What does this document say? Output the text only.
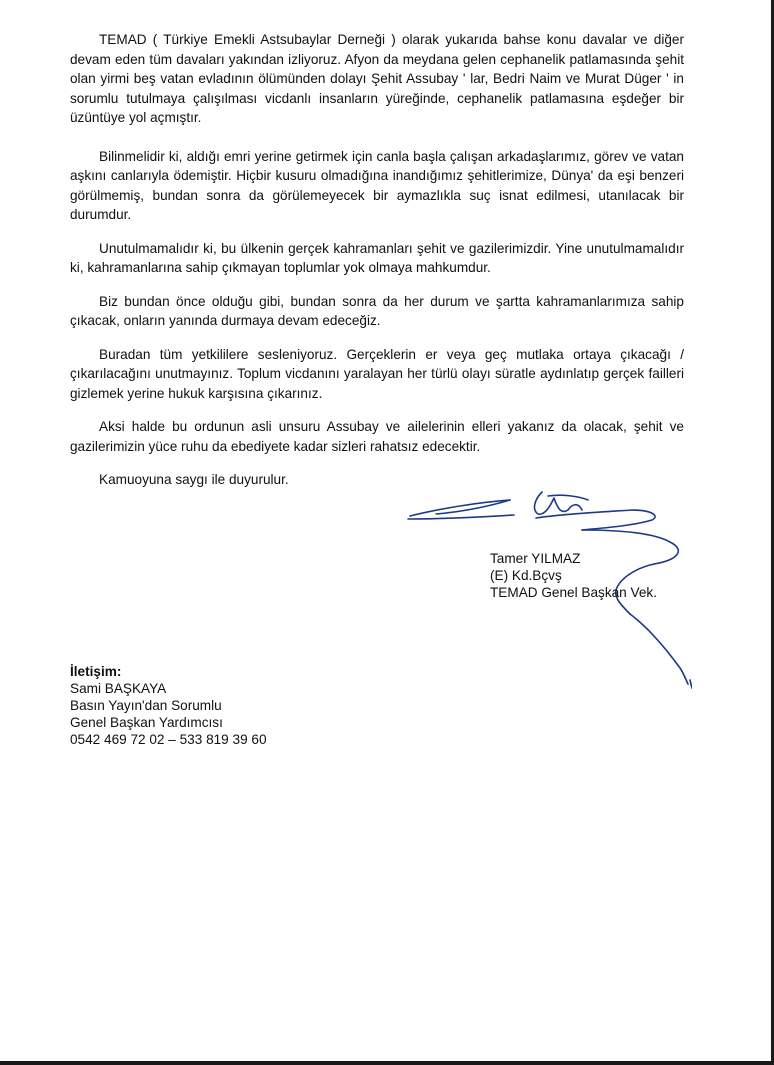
TEMAD ( Türkiye Emekli Astsubaylar Derneği ) olarak yukarıda bahse konu davalar ve diğer devam eden tüm davaları yakından izliyoruz. Afyon da meydana gelen cephanelik patlamasında şehit olan yirmi beş vatan evladının ölümünden dolayı Şehit Assubay ' lar, Bedri Naim ve Murat Düger ' in sorumlu tutulmaya çalışılması vicdanlı insanların yüreğinde, cephanelik patlamasına eşdeğer bir üzüntüye yol açmıştır.

Bilinmelidir ki, aldığı emri yerine getirmek için canla başla çalışan arkadaşlarımız, görev ve vatan aşkını canlarıyla ödemiştir. Hiçbir kusuru olmadığına inandığımız şehitlerimize, Dünya' da eşi benzeri görülmemiş, bundan sonra da görülemeyecek bir aymazlıkla suç isnat edilmesi, utanılacak bir durumdur.

Unutulmamalıdır ki, bu ülkenin gerçek kahramanları şehit ve gazilerimizdir. Yine unutulmamalıdır ki, kahramanlarına sahip çıkmayan toplumlar yok olmaya mahkumdur.

Biz bundan önce olduğu gibi, bundan sonra da her durum ve şartta kahramanlarımıza sahip çıkacak, onların yanında durmaya devam edeceğiz.

Buradan tüm yetkililere sesleniyoruz. Gerçeklerin er veya geç mutlaka ortaya çıkacağı / çıkarılacağını unutmayınız. Toplum vicdanını yaralayan her türlü olayı süratle aydınlatıp gerçek failleri gizlemek yerine hukuk karşısına çıkarınız.

Aksi halde bu ordunun asli unsuru Assubay ve ailelerinin elleri yakanız da olacak, şehit ve gazilerimizin yüce ruhu da ebediyete kadar sizleri rahatsız edecektir.

Kamuoyuna saygı ile duyurulur.

Tamer YILMAZ
(E) Kd.Bçvş
TEMAD Genel Başkan Vek.
İletişim:
Sami BAŞKAYA
Basın Yayın'dan Sorumlu
Genel Başkan Yardımcısı
0542 469 72 02 – 533 819 39 60
